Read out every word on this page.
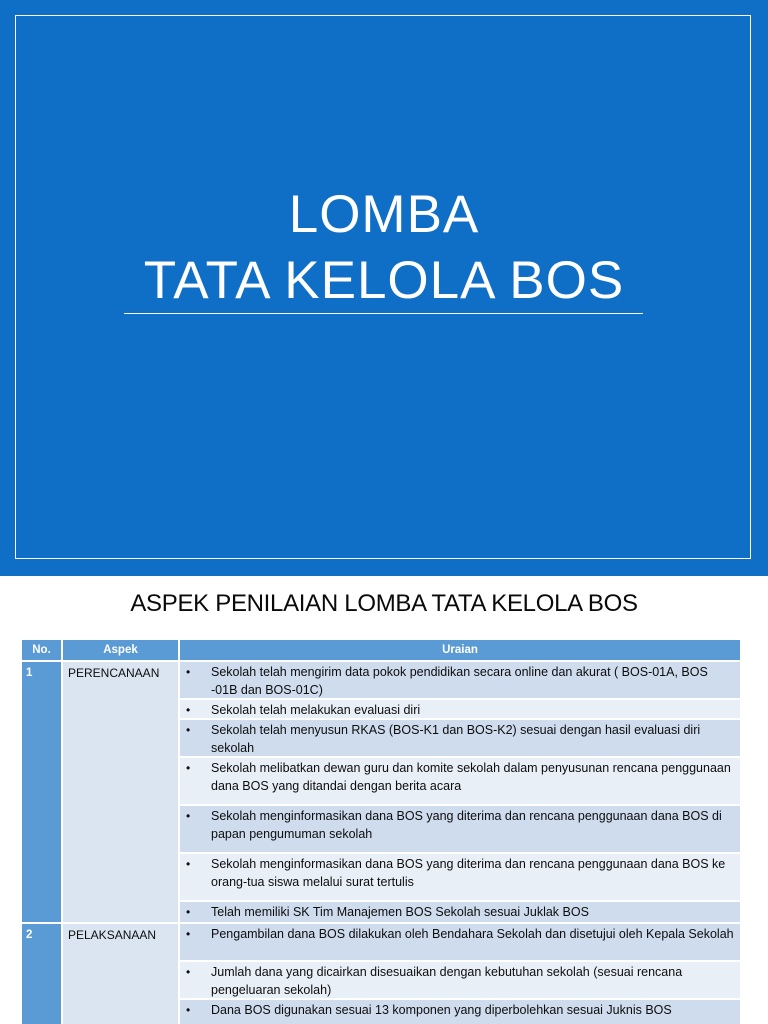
LOMBA
TATA KELOLA BOS
ASPEK PENILAIAN LOMBA TATA KELOLA BOS
No.	Aspek	Uraian
1	PERENCANAAN	• Sekolah telah mengirim data pokok pendidikan secara online dan akurat ( BOS-01A, BOS -01B dan BOS-01C)

		• Sekolah telah melakukan evaluasi diri

		• Sekolah telah menyusun RKAS (BOS-K1 dan BOS-K2) sesuai dengan hasil evaluasi diri sekolah

		• Sekolah melibatkan dewan guru dan komite sekolah dalam penyusunan rencana penggunaan dana BOS yang ditandai dengan berita acara

		• Sekolah menginformasikan dana BOS yang diterima dan rencana penggunaan dana BOS di papan pengumuman sekolah

		• Sekolah menginformasikan dana BOS yang diterima dan rencana penggunaan dana BOS ke orang-tua siswa melalui surat tertulis

		• Telah memiliki SK Tim Manajemen BOS Sekolah sesuai Juklak BOS

2	PELAKSANAAN	• Pengambilan dana BOS dilakukan oleh Bendahara Sekolah dan disetujui oleh Kepala Sekolah

		• Jumlah dana yang dicairkan disesuaikan dengan kebutuhan sekolah (sesuai rencana pengeluaran sekolah)

		• Dana BOS digunakan sesuai 13 komponen yang diperbolehkan sesuai Juknis BOS
